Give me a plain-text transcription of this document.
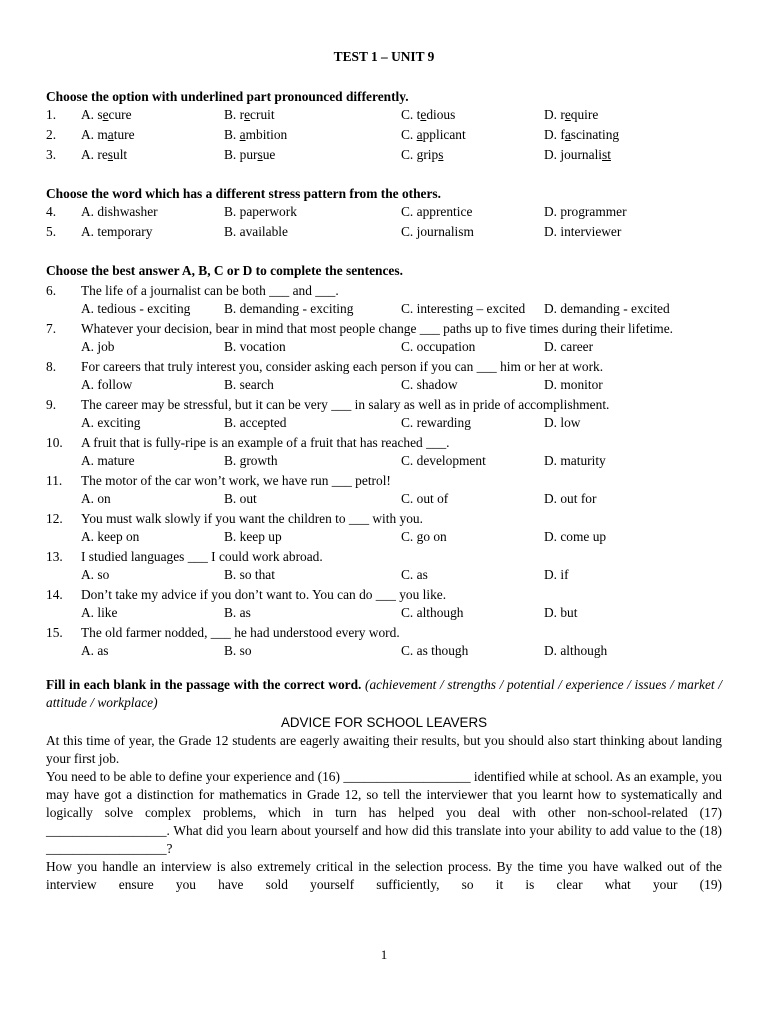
TEST 1 – UNIT 9
Choose the option with underlined part pronounced differently.
1. A. secure	B. recruit	C. tedious	D. require
2. A. mature	B. ambition	C. applicant	D. fascinating
3. A. result	B. pursue	C. grips	D. journalist
Choose the word which has a different stress pattern from the others.
4. A. dishwasher	B. paperwork	C. apprentice	D. programmer
5. A. temporary	B. available	C. journalism	D. interviewer
Choose the best answer A, B, C or D to complete the sentences.
6. The life of a journalist can be both ___ and ___.
A. tedious - exciting	B. demanding - exciting	C. interesting – excited D. demanding - excited
7. Whatever your decision, bear in mind that most people change ___ paths up to five times during their lifetime.
A. job	B. vocation	C. occupation	D. career
8. For careers that truly interest you, consider asking each person if you can ___ him or her at work.
A. follow	B. search	C. shadow	D. monitor
9. The career may be stressful, but it can be very ___ in salary as well as in pride of accomplishment.
A. exciting	B. accepted	C. rewarding	D. low
10. A fruit that is fully-ripe is an example of a fruit that has reached ___.
A. mature	B. growth	C. development	D. maturity
11. The motor of the car won’t work, we have run ___ petrol!
A. on	B. out	C. out of	D. out for
12. You must walk slowly if you want the children to ___ with you.
A. keep on	B. keep up	C. go on	D. come up
13. I studied languages ___ I could work abroad.
A. so	B. so that	C. as	D. if
14. Don’t take my advice if you don’t want to. You can do ___ you like.
A. like	B. as	C. although	D. but
15. The old farmer nodded, ___ he had understood every word.
A. as	B. so	C. as though	D. although
Fill in each blank in the passage with the correct word. (achievement / strengths / potential / experience / issues / market / attitude / workplace)
ADVICE FOR SCHOOL LEAVERS
At this time of year, the Grade 12 students are eagerly awaiting their results, but you should also start thinking about landing your first job.
You need to be able to define your experience and (16) ___________________ identified while at school. As an example, you may have got a distinction for mathematics in Grade 12, so tell the interviewer that you learnt how to systematically and logically solve complex problems, which in turn has helped you deal with other non-school-related (17) __________________. What did you learn about yourself and how did this translate into your ability to add value to the (18) __________________?
How you handle an interview is also extremely critical in the selection process. By the time you have walked out of the interview ensure you have sold yourself sufficiently, so it is clear what your (19)
1
